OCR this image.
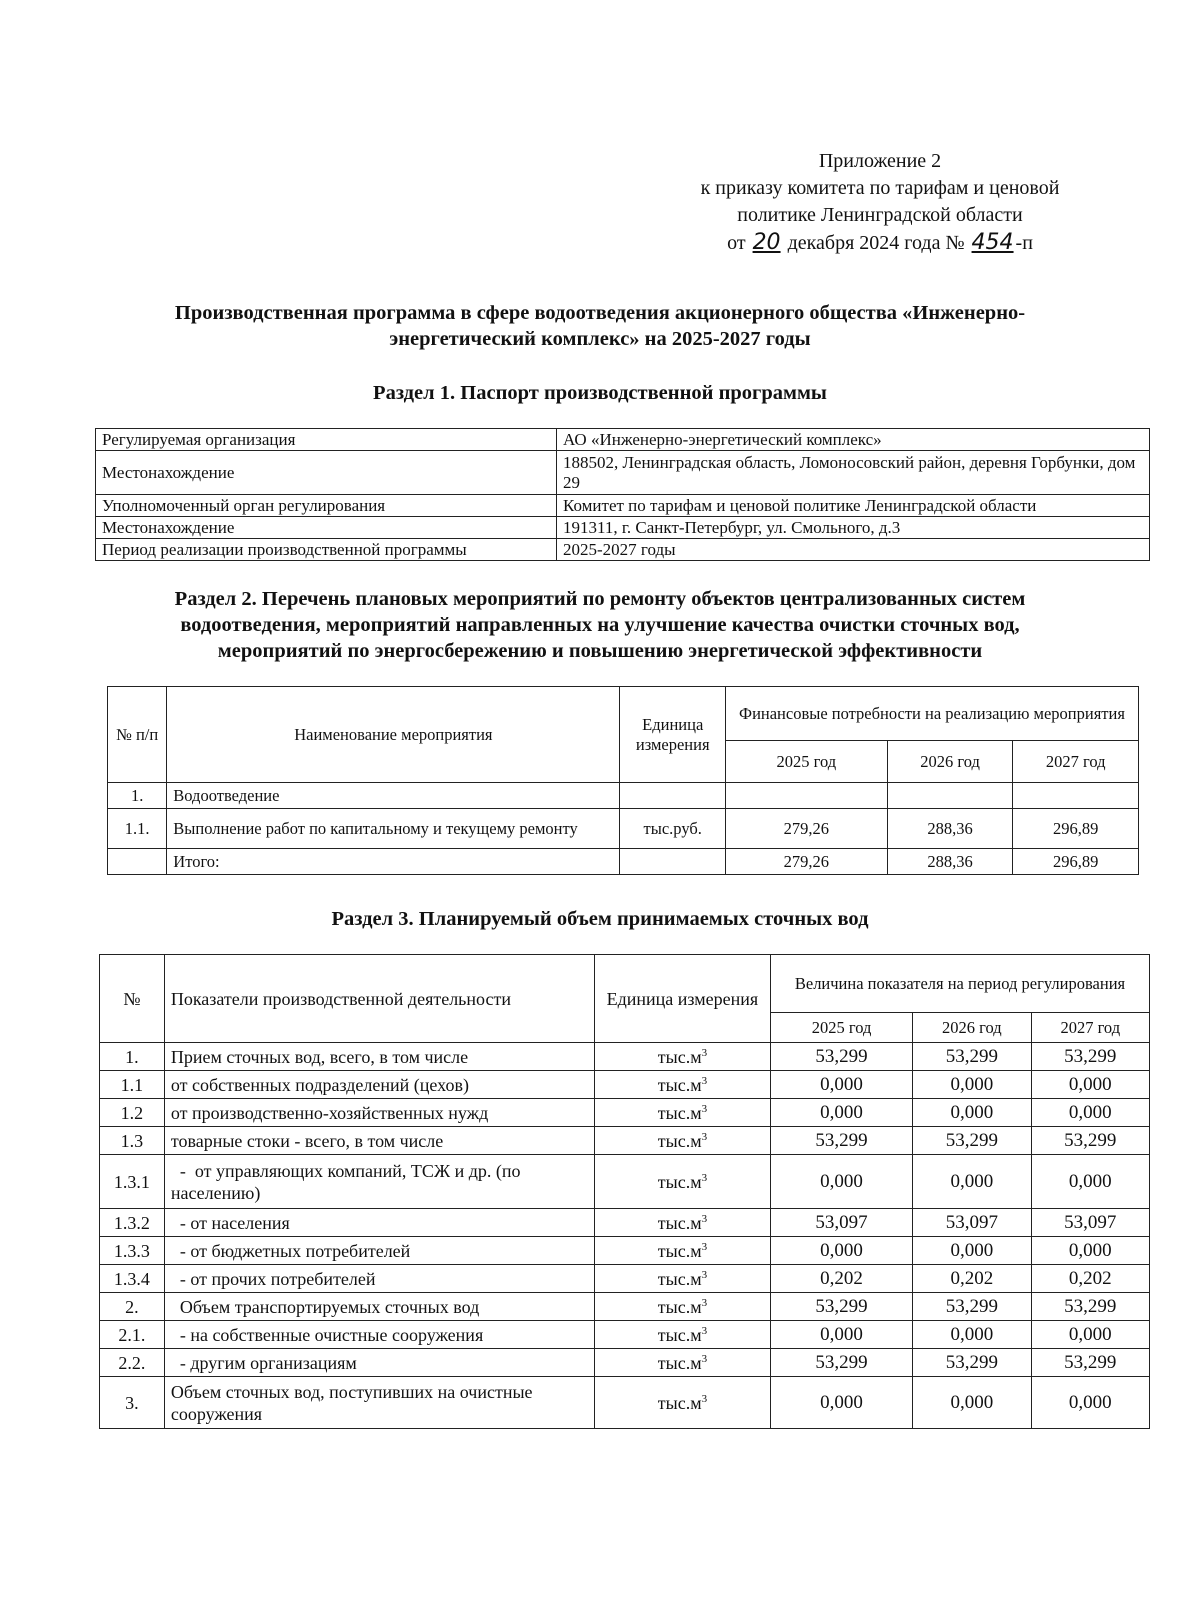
Приложение 2
к приказу комитета по тарифам и ценовой
политике Ленинградской области
от 20 декабря 2024 года № 454 -п
Производственная программа в сфере водоотведения акционерного общества «Инженерно-
энергетический комплекс» на 2025-2027 годы
Раздел 1. Паспорт производственной программы
Регулируемая организация	АО «Инженерно-энергетический комплекс»
Местонахождение	188502, Ленинградская область, Ломоносовский район, деревня Горбунки, дом 29
Уполномоченный орган регулирования	Комитет по тарифам и ценовой политике Ленинградской области
Местонахождение	191311, г. Санкт-Петербург, ул. Смольного, д.3
Период реализации производственной программы	2025-2027 годы
Раздел 2. Перечень плановых мероприятий по ремонту объектов централизованных систем
водоотведения, мероприятий направленных на улучшение качества очистки сточных вод,
мероприятий по энергосбережению и повышению энергетической эффективности
№ п/п	Наименование мероприятия	Единица измерения	Финансовые потребности на реализацию мероприятия		
			2025 год	2026 год	2027 год
1.	Водоотведение				
1.1.	Выполнение работ по капитальному и текущему ремонту	тыс.руб.	279,26	288,36	296,89
	Итого:		279,26	288,36	296,89
Раздел 3. Планируемый объем принимаемых сточных вод
№	Показатели производственной деятельности	Единица измерения	Величина показателя на период регулирования		
			2025 год	2026 год	2027 год
1.	Прием сточных вод, всего, в том числе	$тыс.м^3$	53,299	53,299	53,299
1.1	от собственных подразделений (цехов)	$тыс.м^3$	0,000	0,000	0,000
1.2	от производственно-хозяйственных нужд	$тыс.м^3$	0,000	0,000	0,000
1.3	товарные стоки - всего, в том числе	$тыс.м^3$	53,299	53,299	53,299
1.3.1	-  от управляющих компаний, ТСЖ и др. (по населению)	$тыс.м^3$	0,000	0,000	0,000
1.3.2	- от населения	$тыс.м^3$	53,097	53,097	53,097
1.3.3	- от бюджетных потребителей	$тыс.м^3$	0,000	0,000	0,000
1.3.4	- от прочих потребителей	$тыс.м^3$	0,202	0,202	0,202
2.	Объем транспортируемых сточных вод	$тыс.м^3$	53,299	53,299	53,299
2.1.	- на собственные очистные сооружения	$тыс.м^3$	0,000	0,000	0,000
2.2.	- другим организациям	$тыс.м^3$	53,299	53,299	53,299
3.	Объем сточных вод, поступивших на очистные сооружения	$тыс.м^3$	0,000	0,000	0,000
